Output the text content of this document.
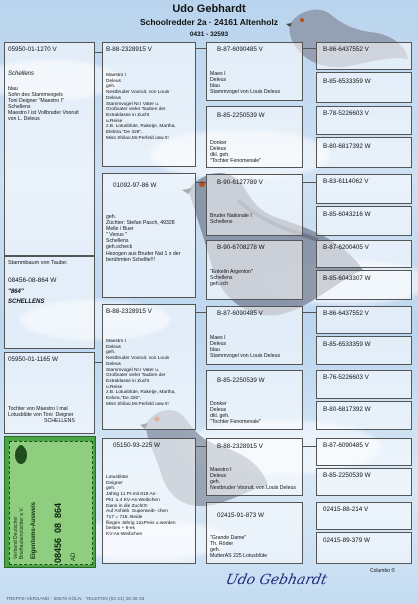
Udo Gebhardt
Schoolredder 2a · 24161 Altenholz
0431 - 32593
05950-01-1270 V
Schellens
blau
Sohn des Stammvogels
Toni Deigner "Maestro I"
Schellens
Maestro I ist Vollbruder Vooruit
von L. Deleus
Stammbaum von Taube:
08456-08-864 W
"864"
SCHELLENS
05950-01-1165 W
Tochter von Maestro I mal
Lotusblüte von Toni  Deigner
SCHELLENS
B-88-2328915 V
Maestro I
Deleus
geh.
Nestbruder Vooruit. von Louis
Deleus
Stammvogel Nr.I Vater u.
Großvater vieler Tauben der
Extraklasse in Zucht
u.Reise
z.B. Lotusblüte, Raketje, Martha,
Elektra,"De 326",
Miss Shilao,Mr.Perfeld usw.!!!
01092-97-86 W
geh.
Züchter: Stefan Pasch, 49328
Melle / Buer
" Venus "
Schellens
geh.scheck
Hezogen aus Bruder Nat 1 x der
berühmten Schellte!!!
B-88-2328915 V
Maestro I
Deleus
geh.
Nestbruder Vooruit. von Louis
Deleus
Stammvogel Nr.I Vater u.
Großvater vieler Tauben der
Extraklasse in Zucht
u.Reise
z.B. Lotusblüte, Raketje, Martha,
Eelvra,"De 326",
Miss Shilao,Mr.Perfeld usw.!!!
05150-93-225 W
Lotusblüte
Deigner
geh.
Jährig 11 Pr.mit 818 As-
Pkt. u.4 KV-As-Weibchen
Dann in die Zucht!!!
Auf Anhieb  Superweib- chen
717 = 718. Beide
fliegen Jährig 12xPreis u.werden
bestes + 6-es
KV-As-Weibchen
B-87-6090485 V
Maes I
Deleus
blau
Stammvogel von Louis Deleus
B-85-2250539 W
Donker
Deleus
dkl. geh.
"Tochter Fenomenale"
B-90-6127789 V
Bruder Nationale I
Schellens
B-90-6708278 W
"Enkelin Argenton"
Schellens
geh.sch
B-87-6090485 V
Maes I
Deleus
blau
Stammvogel von Louis Deleus
B-85-2250539 W
Donker
Deleus
dkl. geh.
"Tochter Fenomenale"
B-88-2328915 V
Maestro I
Deleus
geh.
Nestbruder Vooruit. von Louis Deleus
02415-91-873 W
"Grande Dame"
Th. Röder
geh.
MutterAS 225 Lotusblüte
B-86-6437552 V
B-85-6533359 W
B-78-5226603 V
B-80-6817392 W
B-83-6114062 V
B-85-6043216 W
B-87-6200405 V
B-85-6043307 W
B-86-6437552 V
B-85-6533359 W
B-76-5226603 V
B-80-6817392 W
B-87-6090485 V
B-85-2250539 W
02415-88-214 V
02415-89-379 W
Eigentums-Ausweis
Verband Deutscher
Brieftaubenzüchter e.V.	08456  08  864 AD
Columbo ©
Udo Gebhardt
TREFFE-VERSAND · 50670 KÖLN · TELEFON (02 21) 28 38 33
